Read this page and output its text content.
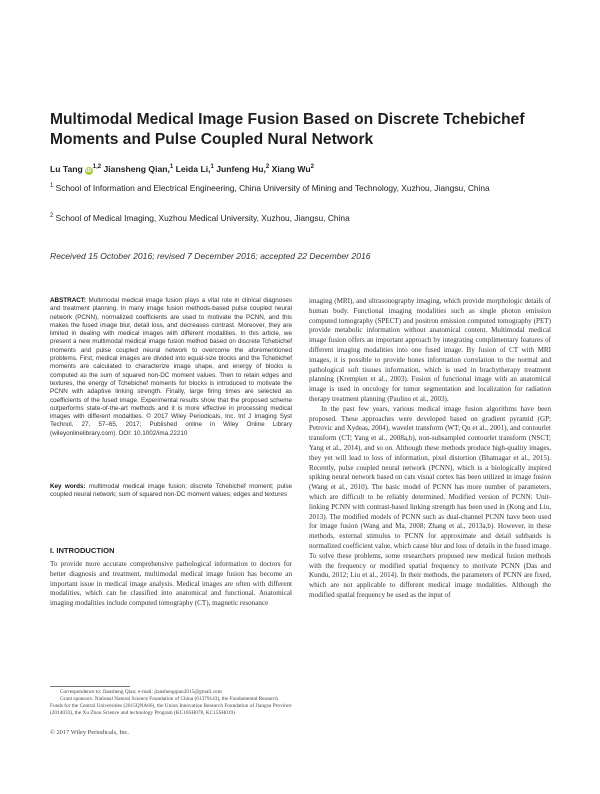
Multimodal Medical Image Fusion Based on Discrete Tchebichef Moments and Pulse Coupled Nural Network
Lu Tang iD$^{1,2}$ Jiansheng Qian,$^1$ Leida Li,$^1$ Junfeng Hu,$^2$ Xiang Wu$^2$
$^1$ School of Information and Electrical Engineering, China University of Mining and Technology, Xuzhou, Jiangsu, China
$^2$ School of Medical Imaging, Xuzhou Medical University, Xuzhou, Jiangsu, China
Received 15 October 2016; revised 7 December 2016; accepted 22 December 2016
ABSTRACT: Multimodal medical image fusion plays a vital role in clinical diagnoses and treatment planning. In many image fusion methods-based pulse coupled neural network (PCNN), normalized coefficients are used to motivate the PCNN, and this makes the fused image blur, detail loss, and decreases contrast. Moreover, they are limited in dealing with medical images with different modalities. In this article, we present a new multimodal medical image fusion method based on discrete Tchebichef moments and pulse coupled neural network to overcome the aforementioned problems. First, medical images are divided into equal-size blocks and the Tchebichef moments are calculated to characterize image shape, and energy of blocks is computed as the sum of squared non-DC moment values. Then to retain edges and textures, the energy of Tchebichef moments for blocks is introduced to motivate the PCNN with adaptive linking strength. Finally, large firing times are selected as coefficients of the fused image. Experimental results show that the proposed scheme outperforms state-of-the-art methods and it is more effective in processing medical images with different modalities. © 2017 Wiley Periodicals, Inc. Int J Imaging Syst Technol, 27, 57–65, 2017; Published online in Wiley Online Library (wileyonlinelibrary.com). DOI: 10.1002/ima.22210
Key words: multimodal medical image fusion; discrete Tchebichef moment; pulse coupled neural network; sum of squared non-DC moment values; edges and textures
I. INTRODUCTION

To provide more accurate comprehensive pathological information to doctors for better diagnosis and treatment, multimodal medical image fusion has become an important issue in medical image analysis. Medical images are often with different modalities, which can be classified into anatomical and functional. Anatomical imaging modalities include computed tomography (CT), magnetic resonance

imaging (MRI), and ultrasonography imaging, which provide morphologic details of human body. Functional imaging modalities such as single photon emission computed tomography (SPECT) and positron emission computed tomography (PET) provide metabolic information without anatomical content. Multimodal medical image fusion offers an important approach by integrating complimentary features of different imaging modalities into one fused image. By fusion of CT with MRI images, it is possible to provide bones information correlation to the normal and pathological soft tissues information, which is used in brachytherapy treatment planning (Krempien et al., 2003). Fusion of functional image with an anatomical image is used in oncology for tumor segmentation and localization for radiation therapy treatment planning (Paulino et al., 2003).

In the past few years, various medical image fusion algorithms have been proposed. These approaches were developed based on gradient pyramid (GP; Petrovic and Xydeas, 2004), wavelet transform (WT; Qu et al., 2001), and contourlet transform (CT; Yang et al., 2008a,b), non-subsampled contourlet transform (NSCT; Yang et al., 2014), and so on. Although these methods produce high-quality images, they yet will lead to loss of information, pixel distortion (Bhatnagar et al., 2015). Recently, pulse coupled neural network (PCNN), which is a biologically inspired spiking neural network based on cats visual cortex has been utilized in image fusion (Wang et al., 2010). The basic model of PCNN has more number of parameters, which are difficult to be reliably determined. Modified version of PCNN: Unit-linking PCNN with contrast-based linking strength has been used in (Kong and Liu, 2013). The modified models of PCNN such as dual-channel PCNN have been used for image fusion (Wang and Ma, 2008; Zhang et al., 2013a,b). However, in these methods, external stimulus to PCNN for approximate and detail subbands is normalized coefficient value, which cause blur and loss of details in the fused image. To solve these problems, some researchers proposed new medical fusion methods with the frequency or modified spatial frequency to motivate PCNN (Das and Kundu, 2012; Liu et al., 2014). In their methods, the parameters of PCNN are fixed, which are not applicable to different medical image modalities. Although the modified spatial frequency be used as the input of

Correspondence to: Jiansheng Qian; e-mail: jianshengqian2015@gmail.com

Grant sponsors: National Natural Science Foundation of China (61379143), the Fundamental Research Funds for the Central Universities (2015QNA66), the Union Innovation Research Foundation of Jiangsu Province (2014033), the Xu Zhou Science and technology Program (KC16SH078, KC15SH019)

© 2017 Wiley Periodicals, Inc.
